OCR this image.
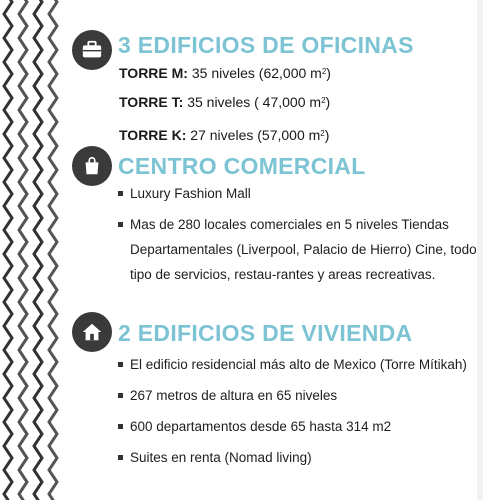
3 EDIFICIOS DE OFICINAS
TORRE M: 35 niveles (62,000 $m^2$)
TORRE T: 35 niveles ( 47,000 $m^2$)
TORRE K: 27 niveles (57,000 $m^2$)
CENTRO COMERCIAL
Luxury Fashion Mall
Mas de 280 locales comerciales en 5 niveles Tiendas Departamentales (Liverpool, Palacio de Hierro) Cine, todo tipo de servicios, restau-rantes y areas recreativas.
2 EDIFICIOS DE VIVIENDA
El edificio residencial más alto de Mexico (Torre Mítikah)
267 metros de altura en 65 niveles
600 departamentos desde 65 hasta 314 m2
Suites en renta (Nomad living)
